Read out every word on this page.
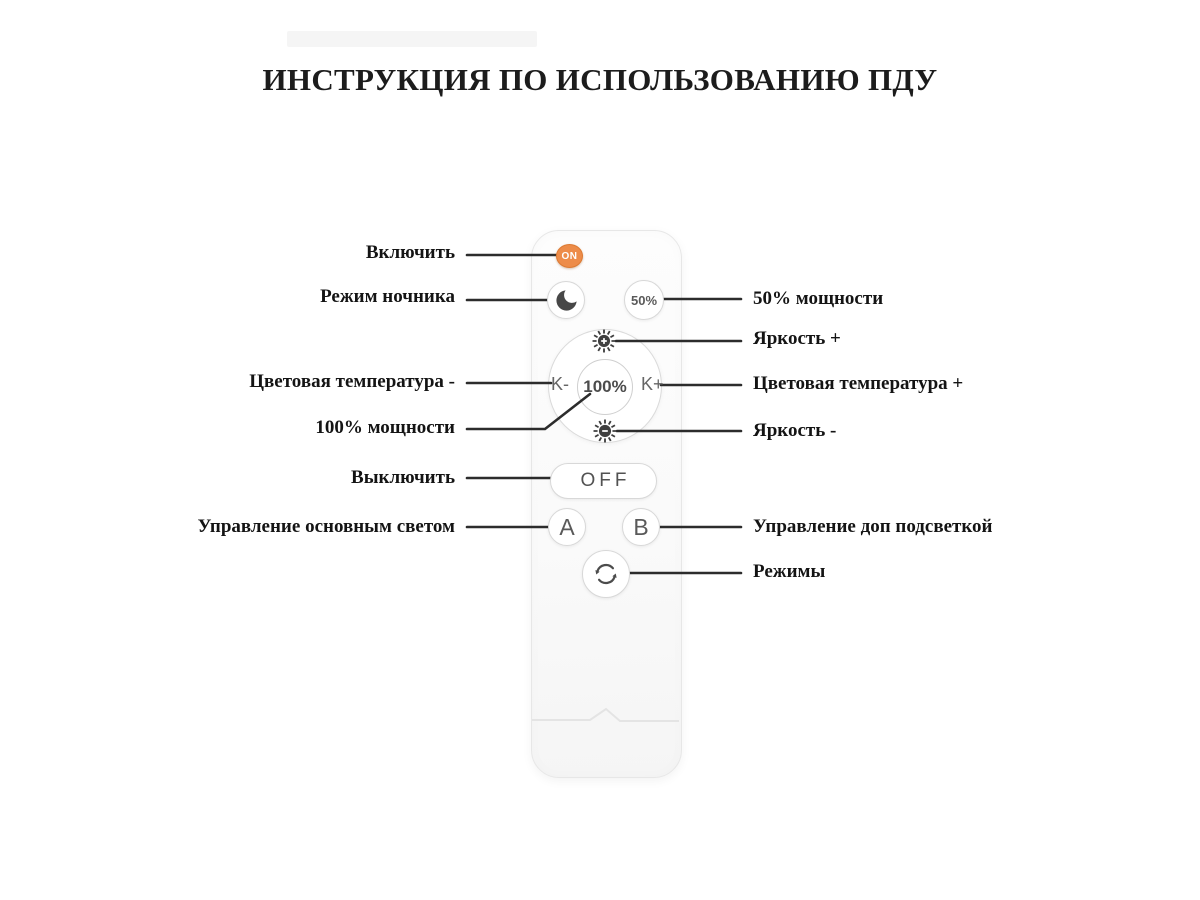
ИНСТРУКЦИЯ ПО ИСПОЛЬЗОВАНИЮ ПДУ
100%
ON
50%
K-	K+
OFF
A	B
Включить
Режим ночника
Цветовая температура -
100% мощности
Выключить
Управление основным светом
50% мощности
Яркость +
Цветовая температура +
Яркость -
Управление доп подсветкой
Режимы
